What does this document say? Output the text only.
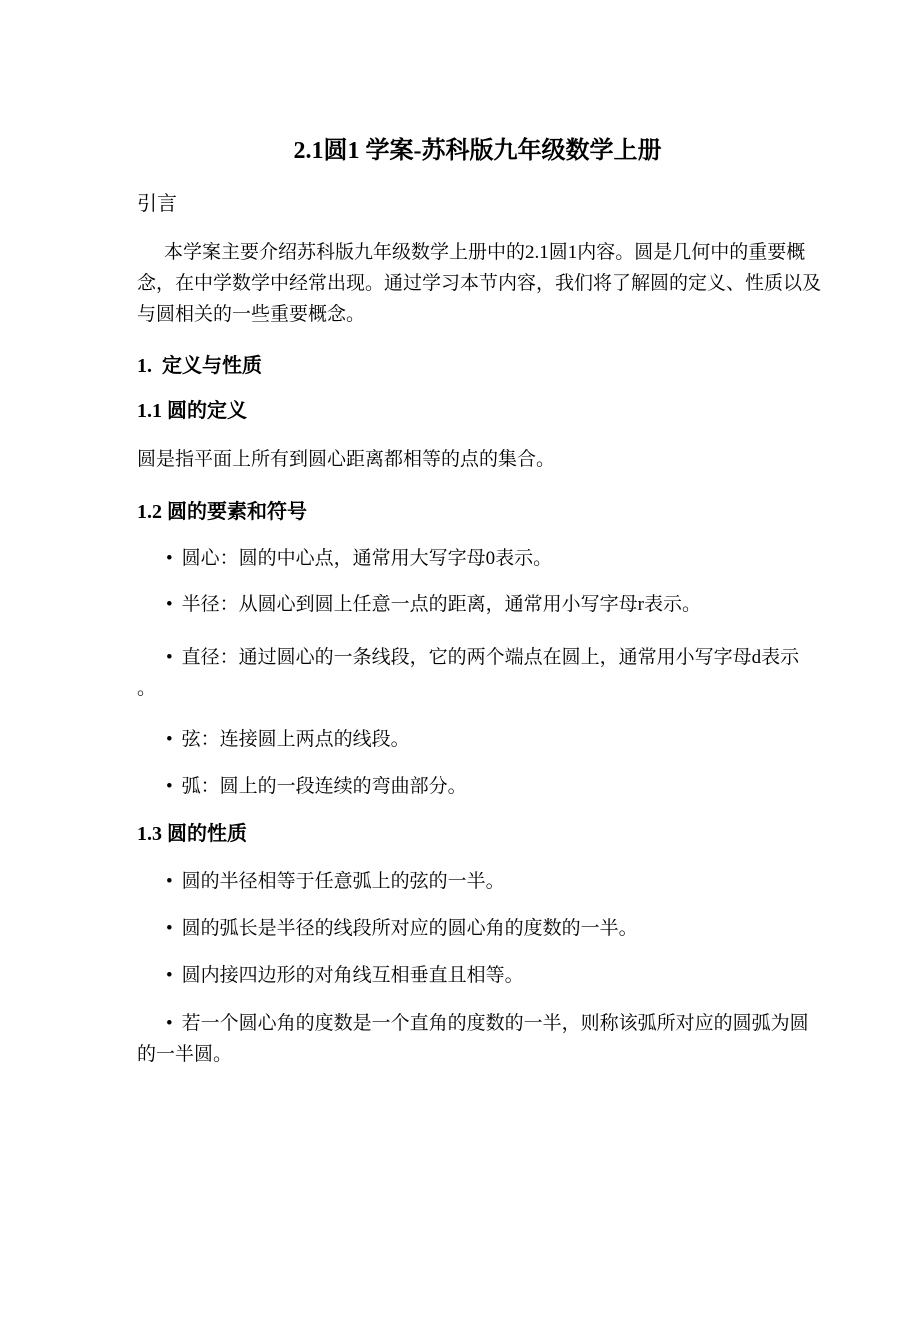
2.1圆1 学案-苏科版九年级数学上册
引言
本学案主要介绍苏科版九年级数学上册中的2.1圆1内容。圆是几何中的重要概
念，在中学数学中经常出现。通过学习本节内容，我们将了解圆的定义、性质以及
与圆相关的一些重要概念。
1.  定义与性质
1.1 圆的定义
圆是指平面上所有到圆心距离都相等的点的集合。
1.2 圆的要素和符号
• 圆心：圆的中心点，通常用大写字母0表示。
• 半径：从圆心到圆上任意一点的距离，通常用小写字母r表示。
• 直径：通过圆心的一条线段，它的两个端点在圆上，通常用小写字母d表示
。
• 弦：连接圆上两点的线段。
• 弧：圆上的一段连续的弯曲部分。
1.3 圆的性质
• 圆的半径相等于任意弧上的弦的一半。
• 圆的弧长是半径的线段所对应的圆心角的度数的一半。
• 圆内接四边形的对角线互相垂直且相等。
• 若一个圆心角的度数是一个直角的度数的一半，则称该弧所对应的圆弧为圆
的一半圆。
